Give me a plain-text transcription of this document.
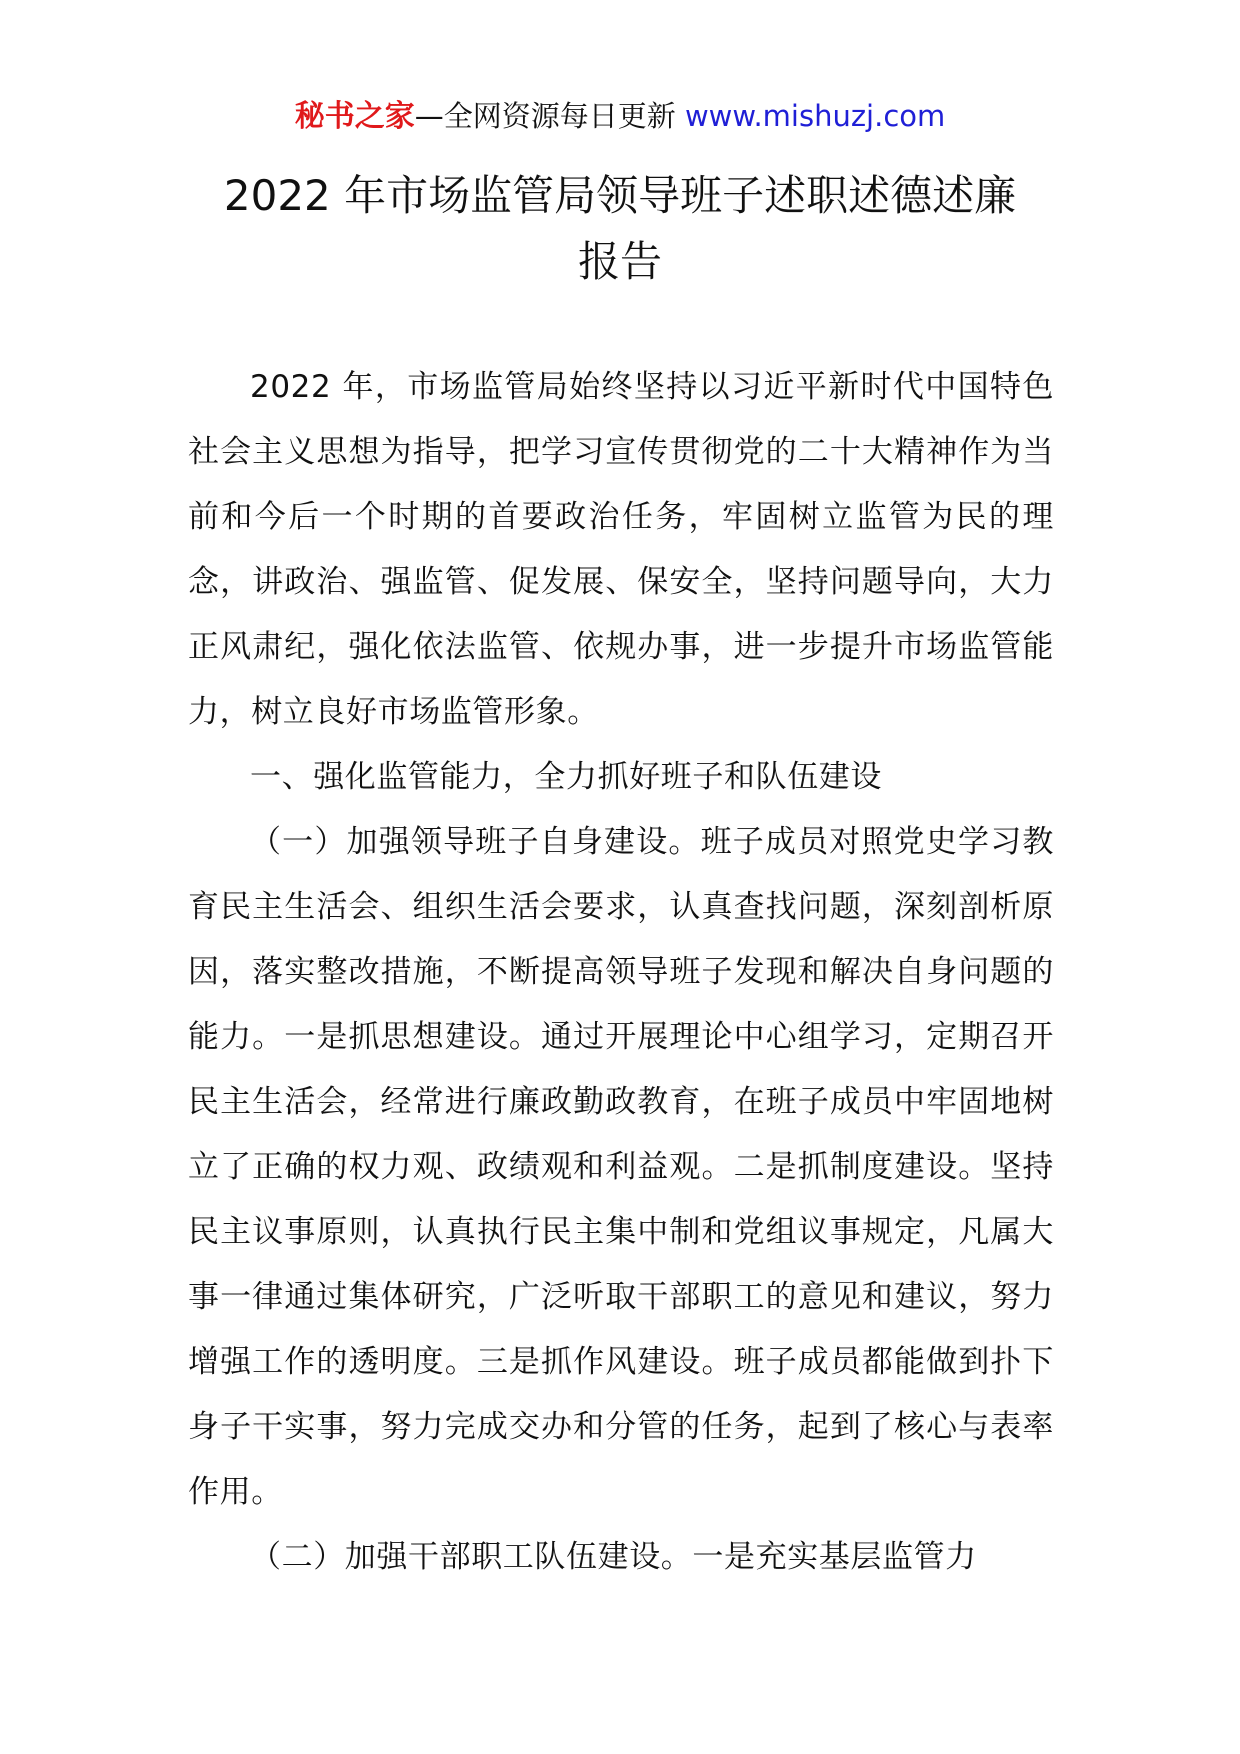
秘书之家—全网资源每日更新 www.mishuzj.com
2022 年市场监管局领导班子述职述德述廉
报告

2022 年，市场监管局始终坚持以习近平新时代中国特色社会主义思想为指导，把学习宣传贯彻党的二十大精神作为当前和今后一个时期的首要政治任务，牢固树立监管为民的理念，讲政治、强监管、促发展、保安全，坚持问题导向，大力正风肃纪，强化依法监管、依规办事，进一步提升市场监管能力，树立良好市场监管形象。

一、强化监管能力，全力抓好班子和队伍建设

（一）加强领导班子自身建设。班子成员对照党史学习教育民主生活会、组织生活会要求，认真查找问题，深刻剖析原因，落实整改措施，不断提高领导班子发现和解决自身问题的能力。一是抓思想建设。通过开展理论中心组学习，定期召开民主生活会，经常进行廉政勤政教育，在班子成员中牢固地树立了正确的权力观、政绩观和利益观。二是抓制度建设。坚持民主议事原则，认真执行民主集中制和党组议事规定，凡属大事一律通过集体研究，广泛听取干部职工的意见和建议，努力增强工作的透明度。三是抓作风建设。班子成员都能做到扑下身子干实事，努力完成交办和分管的任务，起到了核心与表率作用。

（二）加强干部职工队伍建设。一是充实基层监管力
